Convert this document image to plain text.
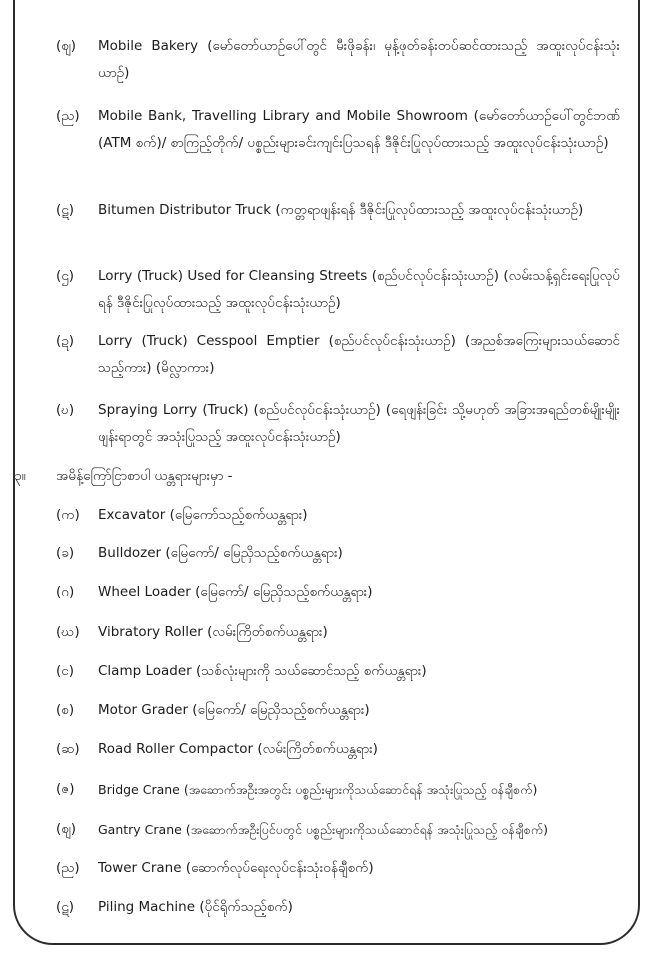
(ဈ) Mobile Bakery (မော်တော်ယာဉ်ပေါ်တွင် မီးဖိုခန်း၊ မုန့်ဖုတ်ခန်းတပ်ဆင်ထားသည့် အထူးလုပ်ငန်းသုံးယာဉ်)
(ည) Mobile Bank, Travelling Library and Mobile Showroom (မော်တော်ယာဉ်ပေါ်တွင်ဘဏ် (ATM စက်)/ စာကြည့်တိုက်/ ပစ္စည်းများခင်းကျင်းပြသရန် ဒီဇိုင်းပြုလုပ်ထားသည့် အထူးလုပ်ငန်းသုံးယာဉ်)
(ဋ) Bitumen Distributor Truck (ကတ္တရာဖျန်းရန် ဒီဇိုင်းပြုလုပ်ထားသည့် အထူးလုပ်ငန်းသုံးယာဉ်)
(ဌ) Lorry (Truck) Used for Cleansing Streets (စည်ပင်လုပ်ငန်းသုံးယာဉ်) (လမ်းသန့်ရှင်းရေးပြုလုပ်ရန် ဒီဇိုင်းပြုလုပ်ထားသည့် အထူးလုပ်ငန်းသုံးယာဉ်)
(ဍ) Lorry (Truck) Cesspool Emptier (စည်ပင်လုပ်ငန်းသုံးယာဉ်) (အညစ်အကြေးများသယ်ဆောင်သည့်ကား) (မိလ္လာကား)
(ဎ) Spraying Lorry (Truck) (စည်ပင်လုပ်ငန်းသုံးယာဉ်) (ရေဖျန်းခြင်း သို့မဟုတ် အခြားအရည်တစ်မျိုးမျိုးဖျန်းရာတွင် အသုံးပြုသည့် အထူးလုပ်ငန်းသုံးယာဉ်)
၃။ အမိန့်ကြော်ငြာစာပါ ယန္တရားများမှာ -
(က) Excavator (မြေကော်သည့်စက်ယန္တရား)
(ခ) Bulldozer (မြေကော်/ မြေညှိသည့်စက်ယန္တရား)
(ဂ) Wheel Loader (မြေကော်/ မြေညှိသည့်စက်ယန္တရား)
(ဃ) Vibratory Roller (လမ်းကြိတ်စက်ယန္တရား)
(င) Clamp Loader (သစ်လုံးများကို သယ်ဆောင်သည့် စက်ယန္တရား)
(စ) Motor Grader (မြေကော်/ မြေညှိသည့်စက်ယန္တရား)
(ဆ) Road Roller Compactor (လမ်းကြိတ်စက်ယန္တရား)
(ဇ) Bridge Crane (အဆောက်အဦးအတွင်း ပစ္စည်းများကိုသယ်ဆောင်ရန် အသုံးပြုသည့် ဝန်ချီစက်)
(ဈ) Gantry Crane (အဆောက်အဦးပြင်ပတွင် ပစ္စည်းများကိုသယ်ဆောင်ရန် အသုံးပြုသည့် ဝန်ချီစက်)
(ည) Tower Crane (ဆောက်လုပ်ရေးလုပ်ငန်းသုံးဝန်ချီစက်)
(ဋ) Piling Machine (ပိုင်ရိုက်သည့်စက်)
